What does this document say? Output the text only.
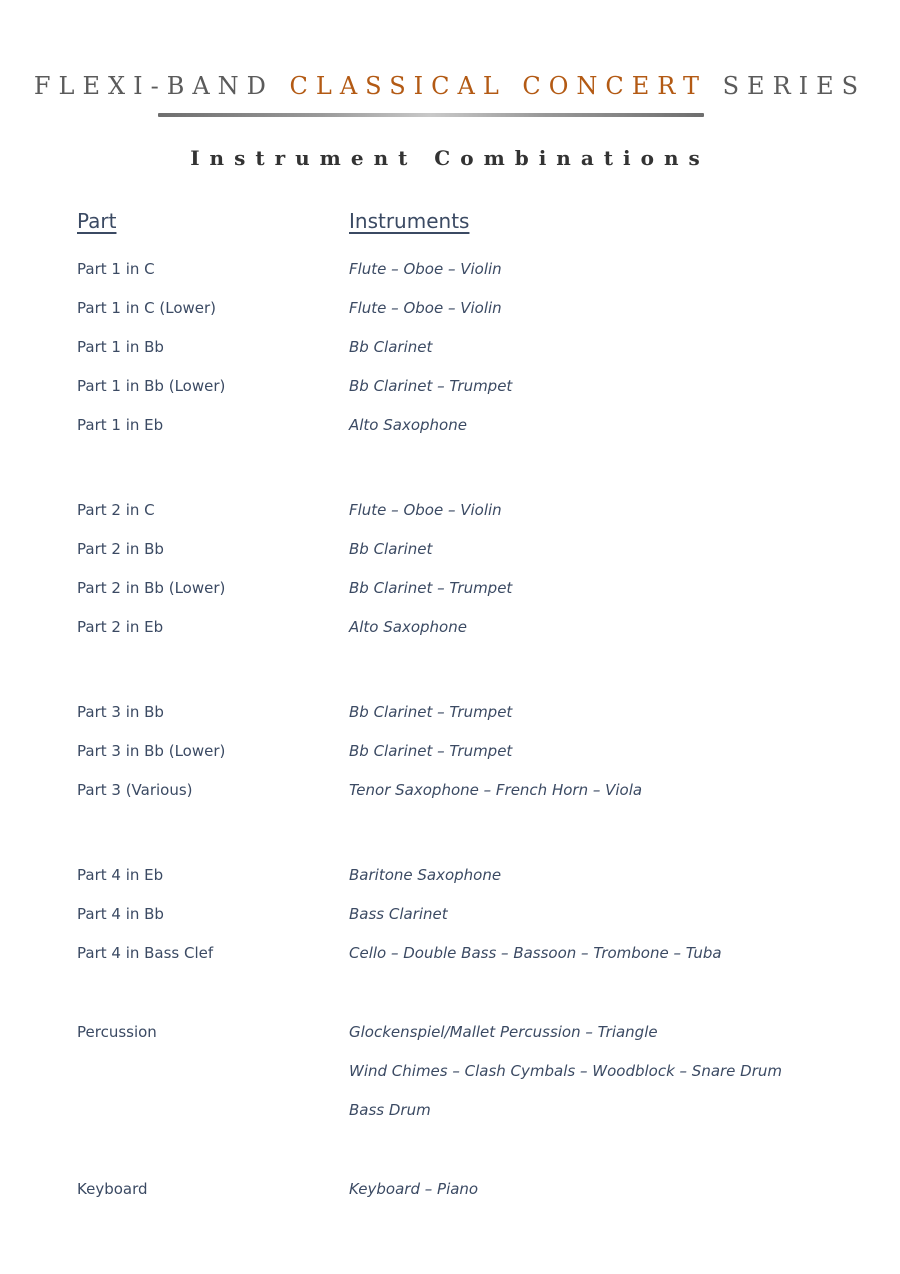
FLEXI-BAND CLASSICAL CONCERT SERIES
Instrument Combinations
Part	Instruments
Part 1 in C	Flute – Oboe – Violin
Part 1 in C (Lower)	Flute – Oboe – Violin
Part 1 in Bb	Bb Clarinet
Part 1 in Bb (Lower)	Bb Clarinet – Trumpet
Part 1 in Eb	Alto Saxophone
Part 2 in C	Flute – Oboe – Violin
Part 2 in Bb	Bb Clarinet
Part 2 in Bb (Lower)	Bb Clarinet – Trumpet
Part 2 in Eb	Alto Saxophone
Part 3 in Bb	Bb Clarinet – Trumpet
Part 3 in Bb (Lower)	Bb Clarinet – Trumpet
Part 3 (Various)	Tenor Saxophone – French Horn – Viola
Part 4 in Eb	Baritone Saxophone
Part 4 in Bb	Bass Clarinet
Part 4 in Bass Clef	Cello – Double Bass – Bassoon – Trombone – Tuba
Percussion	Glockenspiel/Mallet Percussion – Triangle
Wind Chimes – Clash Cymbals – Woodblock – Snare Drum
Bass Drum
Keyboard	Keyboard – Piano
